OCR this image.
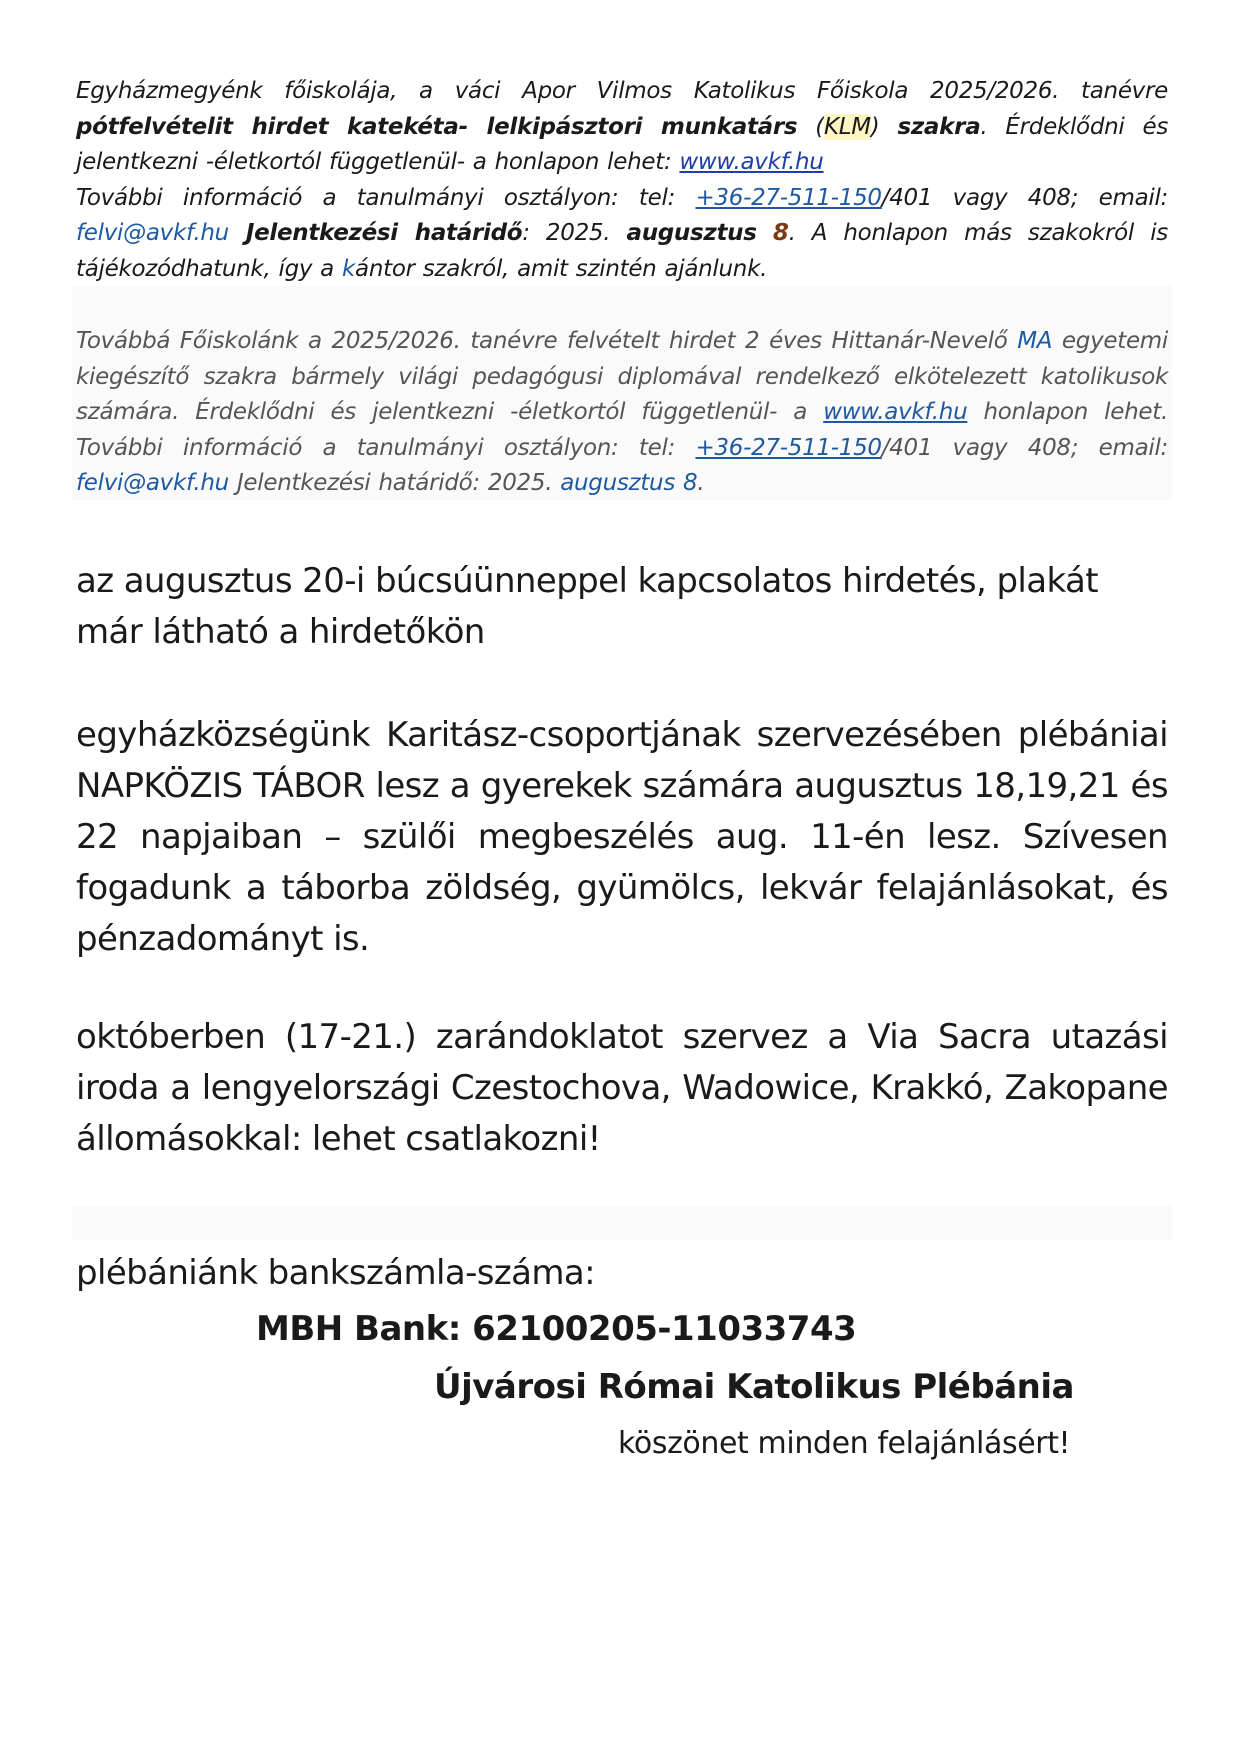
Egyházmegyénk főiskolája, a váci Apor Vilmos Katolikus Főiskola 2025/2026. tanévre pótfelvételit hirdet katekéta- lelkipásztori munkatárs (KLM) szakra. Érdeklődni és jelentkezni -életkortól függetlenül- a honlapon lehet: www.avkf.hu
További információ a tanulmányi osztályon: tel: +36-27-511-150/401 vagy 408; email: felvi@avkf.hu Jelentkezési határidő: 2025. augusztus 8. A honlapon más szakokról is tájékozódhatunk, így a kántor szakról, amit szintén ajánlunk.

Továbbá Főiskolánk a 2025/2026. tanévre felvételt hirdet 2 éves Hittanár-Nevelő MA egyetemi kiegészítő szakra bármely világi pedagógusi diplomával rendelkező elkötelezett katolikusok számára. Érdeklődni és jelentkezni -életkortól függetlenül- a www.avkf.hu honlapon lehet. További információ a tanulmányi osztályon: tel: +36-27-511-150/401 vagy 408; email: felvi@avkf.hu Jelentkezési határidő: 2025. augusztus 8.

az augusztus 20-i búcsúünneppel kapcsolatos hirdetés, plakát már látható a hirdetőkön

egyházközségünk Karitász-csoportjának szervezésében plébániai NAPKÖZIS TÁBOR lesz a gyerekek számára augusztus 18,19,21 és 22 napjaiban – szülői megbeszélés aug. 11-én lesz. Szívesen fogadunk a táborba zöldség, gyümölcs, lekvár felajánlásokat, és pénzadományt is.

októberben (17-21.) zarándoklatot szervez a Via Sacra utazási iroda a lengyelországi Czestochova, Wadowice, Krakkó, Zakopane állomásokkal: lehet csatlakozni!

plébániánk bankszámla-száma:

MBH Bank: 62100205-11033743
Újvárosi Római Katolikus Plébánia
köszönet minden felajánlásért!
